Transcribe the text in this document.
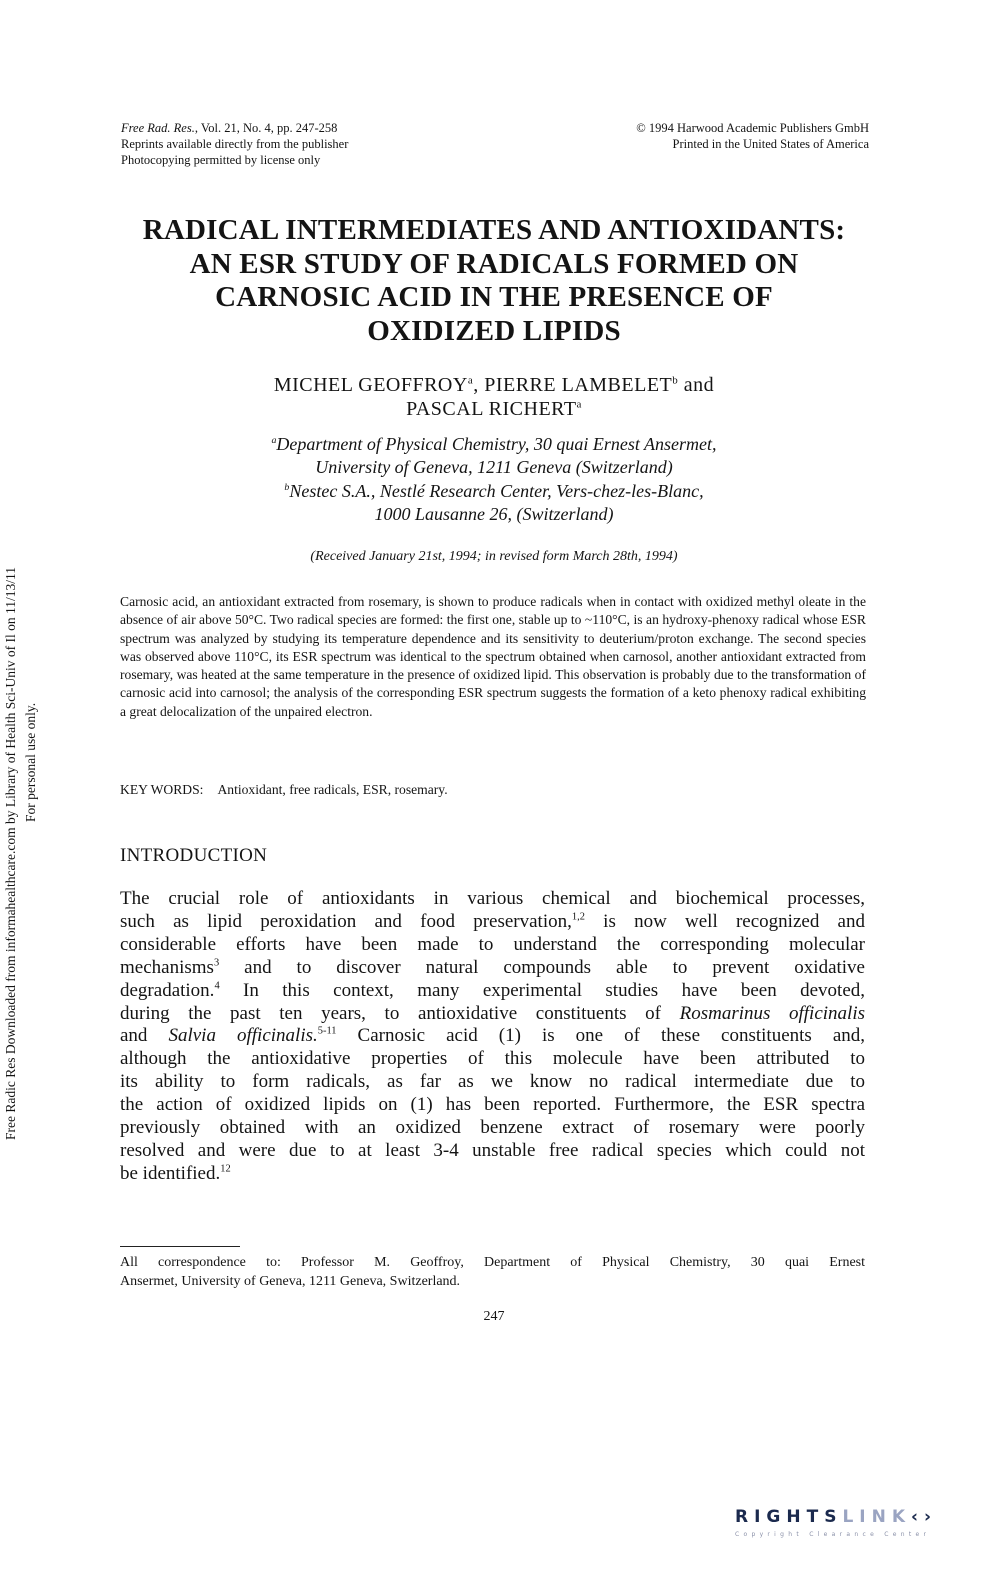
Free Rad. Res., Vol. 21, No. 4, pp. 247-258
Reprints available directly from the publisher
Photocopying permitted by license only
© 1994 Harwood Academic Publishers GmbH
Printed in the United States of America
RADICAL INTERMEDIATES AND ANTIOXIDANTS:
AN ESR STUDY OF RADICALS FORMED ON
CARNOSIC ACID IN THE PRESENCE OF
OXIDIZED LIPIDS
MICHEL GEOFFROY$^a$, PIERRE LAMBELET$^b$ and
PASCAL RICHERT$^a$
$^a$Department of Physical Chemistry, 30 quai Ernest Ansermet,
University of Geneva, 1211 Geneva (Switzerland)
$^b$Nestec S.A., Nestlé Research Center, Vers-chez-les-Blanc,
1000 Lausanne 26, (Switzerland)
(Received January 21st, 1994; in revised form March 28th, 1994)
Carnosic acid, an antioxidant extracted from rosemary, is shown to produce radicals when in contact with oxidized methyl oleate in the absence of air above 50°C. Two radical species are formed: the first one, stable up to ~110°C, is an hydroxy-phenoxy radical whose ESR spectrum was analyzed by studying its temperature dependence and its sensitivity to deuterium/proton exchange. The second species was observed above 110°C, its ESR spectrum was identical to the spectrum obtained when carnosol, another antioxidant extracted from rosemary, was heated at the same temperature in the presence of oxidized lipid. This observation is probably due to the transformation of carnosic acid into carnosol; the analysis of the corresponding ESR spectrum suggests the formation of a keto phenoxy radical exhibiting a great delocalization of the unpaired electron.
KEY WORDS: Antioxidant, free radicals, ESR, rosemary.
INTRODUCTION
The crucial role of antioxidants in various chemical and biochemical processes,
such as lipid peroxidation and food preservation,$^{1,2}$ is now well recognized and
considerable efforts have been made to understand the corresponding molecular
mechanisms$^3$ and to discover natural compounds able to prevent oxidative
degradation.$^4$ In this context, many experimental studies have been devoted,
during the past ten years, to antioxidative constituents of Rosmarinus officinalis
and Salvia officinalis.$^{5-11}$ Carnosic acid (1) is one of these constituents and,
although the antioxidative properties of this molecule have been attributed to
its ability to form radicals, as far as we know no radical intermediate due to
the action of oxidized lipids on (1) has been reported. Furthermore, the ESR spectra
previously obtained with an oxidized benzene extract of rosemary were poorly
resolved and were due to at least 3-4 unstable free radical species which could not
be identified.$^{12}$
All correspondence to: Professor M. Geoffroy, Department of Physical Chemistry, 30 quai Ernest
Ansermet, University of Geneva, 1211 Geneva, Switzerland.
247
Free Radic Res Downloaded from informahealthcare.com by Library of Health Sci-Univ of Il on 11/13/11 For personal use only.
RIGHTSLINK‹›
Copyright Clearance Center
